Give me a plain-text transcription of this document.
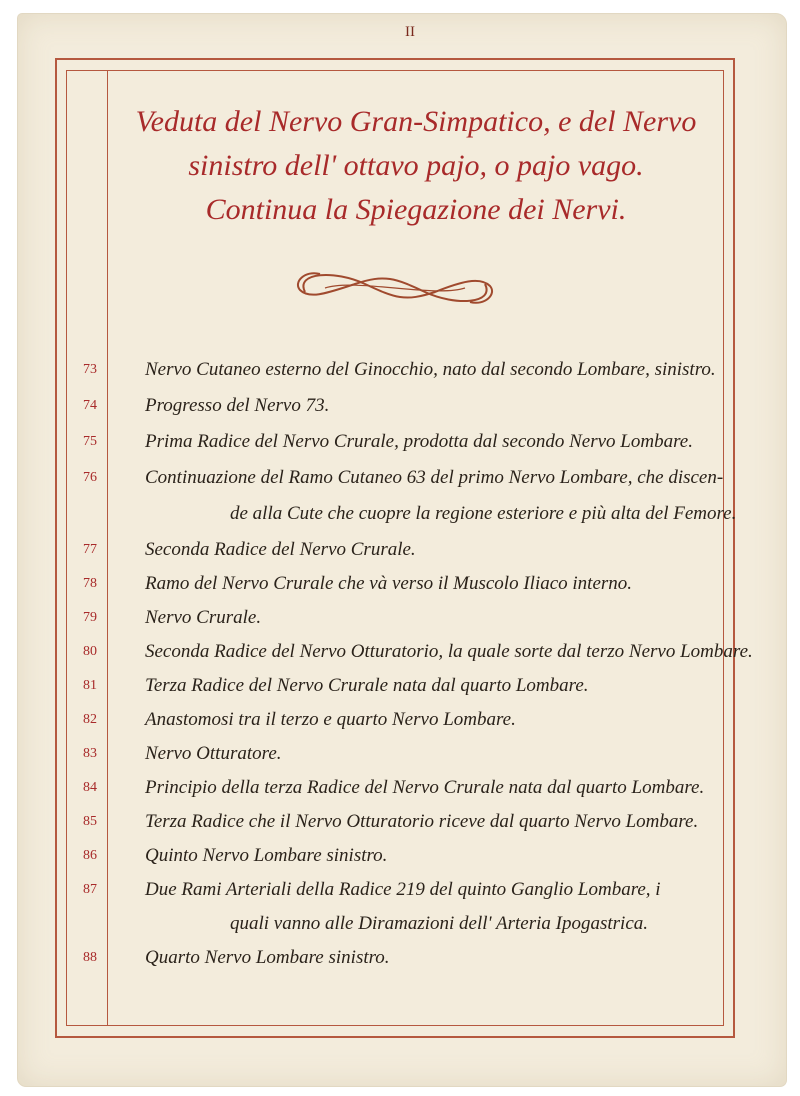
II
Veduta del Nervo Gran-Simpatico, e del Nervo
sinistro dell' ottavo pajo, o pajo vago.
Continua la Spiegazione dei Nervi.
73	Nervo Cutaneo esterno del Ginocchio, nato dal secondo Lombare, sinistro.
74	Progresso del Nervo 73.
75	Prima Radice del Nervo Crurale, prodotta dal secondo Nervo Lombare.
76	Continuazione del Ramo Cutaneo 63 del primo Nervo Lombare, che discen-
de alla Cute che cuopre la regione esteriore e più alta del Femore.
77	Seconda Radice del Nervo Crurale.
78	Ramo del Nervo Crurale che và verso il Muscolo Iliaco interno.
79	Nervo Crurale.
80	Seconda Radice del Nervo Otturatorio, la quale sorte dal terzo Nervo Lombare.
81	Terza Radice del Nervo Crurale nata dal quarto Lombare.
82	Anastomosi tra il terzo e quarto Nervo Lombare.
83	Nervo Otturatore.
84	Principio della terza Radice del Nervo Crurale nata dal quarto Lombare.
85	Terza Radice che il Nervo Otturatorio riceve dal quarto Nervo Lombare.
86	Quinto Nervo Lombare sinistro.
87	Due Rami Arteriali della Radice 219 del quinto Ganglio Lombare, i
quali vanno alle Diramazioni dell' Arteria Ipogastrica.
88	Quarto Nervo Lombare sinistro.
